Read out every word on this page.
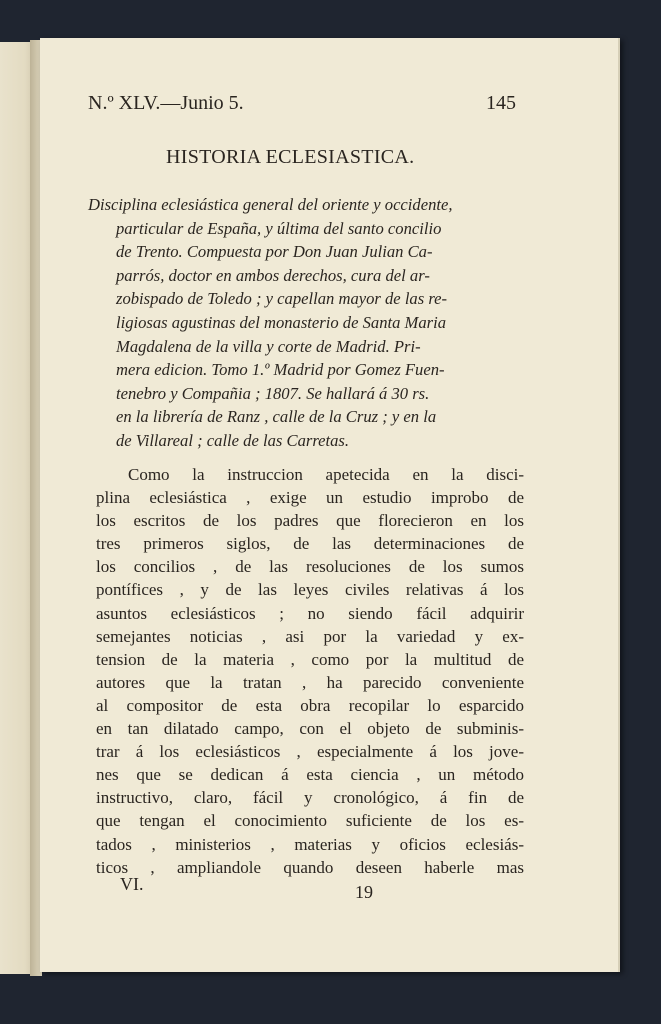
N.º XLV.—Junio 5.	145
HISTORIA ECLESIASTICA.
Disciplina eclesiástica general del oriente y occidente,
particular de España, y última del santo concilio
de Trento. Compuesta por Don Juan Julian Ca-
parrós, doctor en ambos derechos, cura del ar-
zobispado de Toledo ; y capellan mayor de las re-
ligiosas agustinas del monasterio de Santa Maria
Magdalena de la villa y corte de Madrid. Pri-
mera edicion. Tomo 1.º Madrid por Gomez Fuen-
tenebro y Compañia ; 1807. Se hallará á 30 rs.
en la librería de Ranz , calle de la Cruz ; y en la
de Villareal ; calle de las Carretas.
Como la instruccion apetecida en la disci-
plina eclesiástica , exige un estudio improbo de
los escritos de los padres que florecieron en los
tres primeros siglos, de las determinaciones de
los concilios , de las resoluciones de los sumos
pontífices , y de las leyes civiles relativas á los
asuntos eclesiásticos ; no siendo fácil adquirir
semejantes noticias , asi por la variedad y ex-
tension de la materia , como por la multitud de
autores que la tratan , ha parecido conveniente
al compositor de esta obra recopilar lo esparcido
en tan dilatado campo, con el objeto de subminis-
trar á los eclesiásticos , especialmente á los jove-
nes que se dedican á esta ciencia , un método
instructivo, claro, fácil y cronológico, á fin de
que tengan el conocimiento suficiente de los es-
tados , ministerios , materias y oficios eclesiás-
ticos , ampliandole quando deseen haberle mas
VI.	19
